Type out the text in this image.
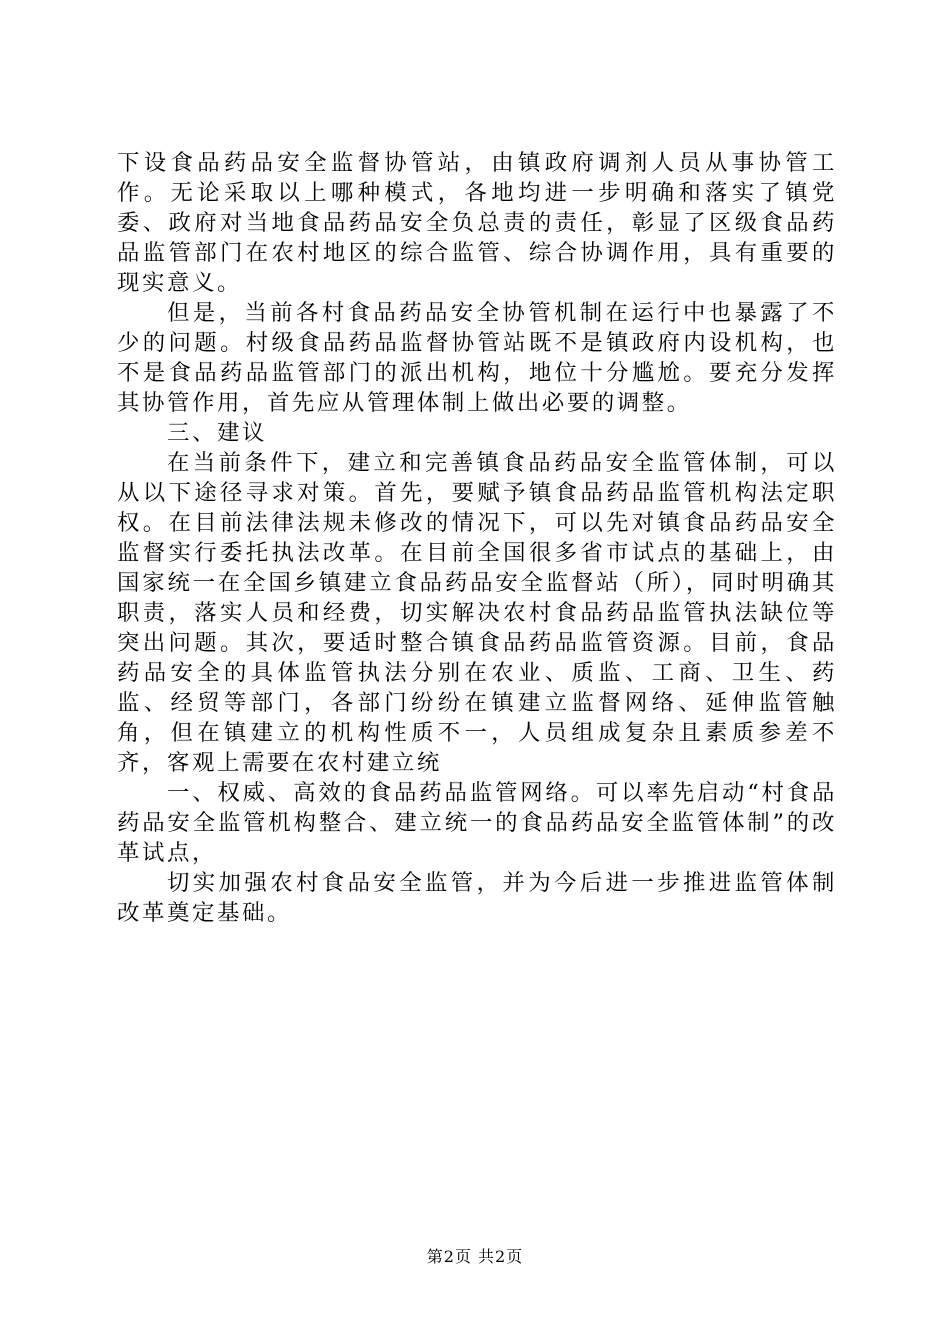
下设食品药品安全监督协管站，由镇政府调剂人员从事协管工作。无论采取以上哪种模式，各地均进一步明确和落实了镇党委、政府对当地食品药品安全负总责的责任，彰显了区级食品药品监管部门在农村地区的综合监管、综合协调作用，具有重要的现实意义。

但是，当前各村食品药品安全协管机制在运行中也暴露了不少的问题。村级食品药品监督协管站既不是镇政府内设机构，也不是食品药品监管部门的派出机构，地位十分尴尬。要充分发挥其协管作用，首先应从管理体制上做出必要的调整。

三、建议

在当前条件下，建立和完善镇食品药品安全监管体制，可以从以下途径寻求对策。首先，要赋予镇食品药品监管机构法定职权。在目前法律法规未修改的情况下，可以先对镇食品药品安全监督实行委托执法改革。在目前全国很多省市试点的基础上，由国家统一在全国乡镇建立食品药品安全监督站（所），同时明确其职责，落实人员和经费，切实解决农村食品药品监管执法缺位等突出问题。其次，要适时整合镇食品药品监管资源。目前，食品药品安全的具体监管执法分别在农业、质监、工商、卫生、药监、经贸等部门，各部门纷纷在镇建立监督网络、延伸监管触角，但在镇建立的机构性质不一，人员组成复杂且素质参差不齐，客观上需要在农村建立统

一、权威、高效的食品药品监管网络。可以率先启动“村食品药品安全监管机构整合、建立统一的食品药品安全监管体制”的改革试点，

切实加强农村食品安全监管，并为今后进一步推进监管体制改革奠定基础。

第2页 共2页
